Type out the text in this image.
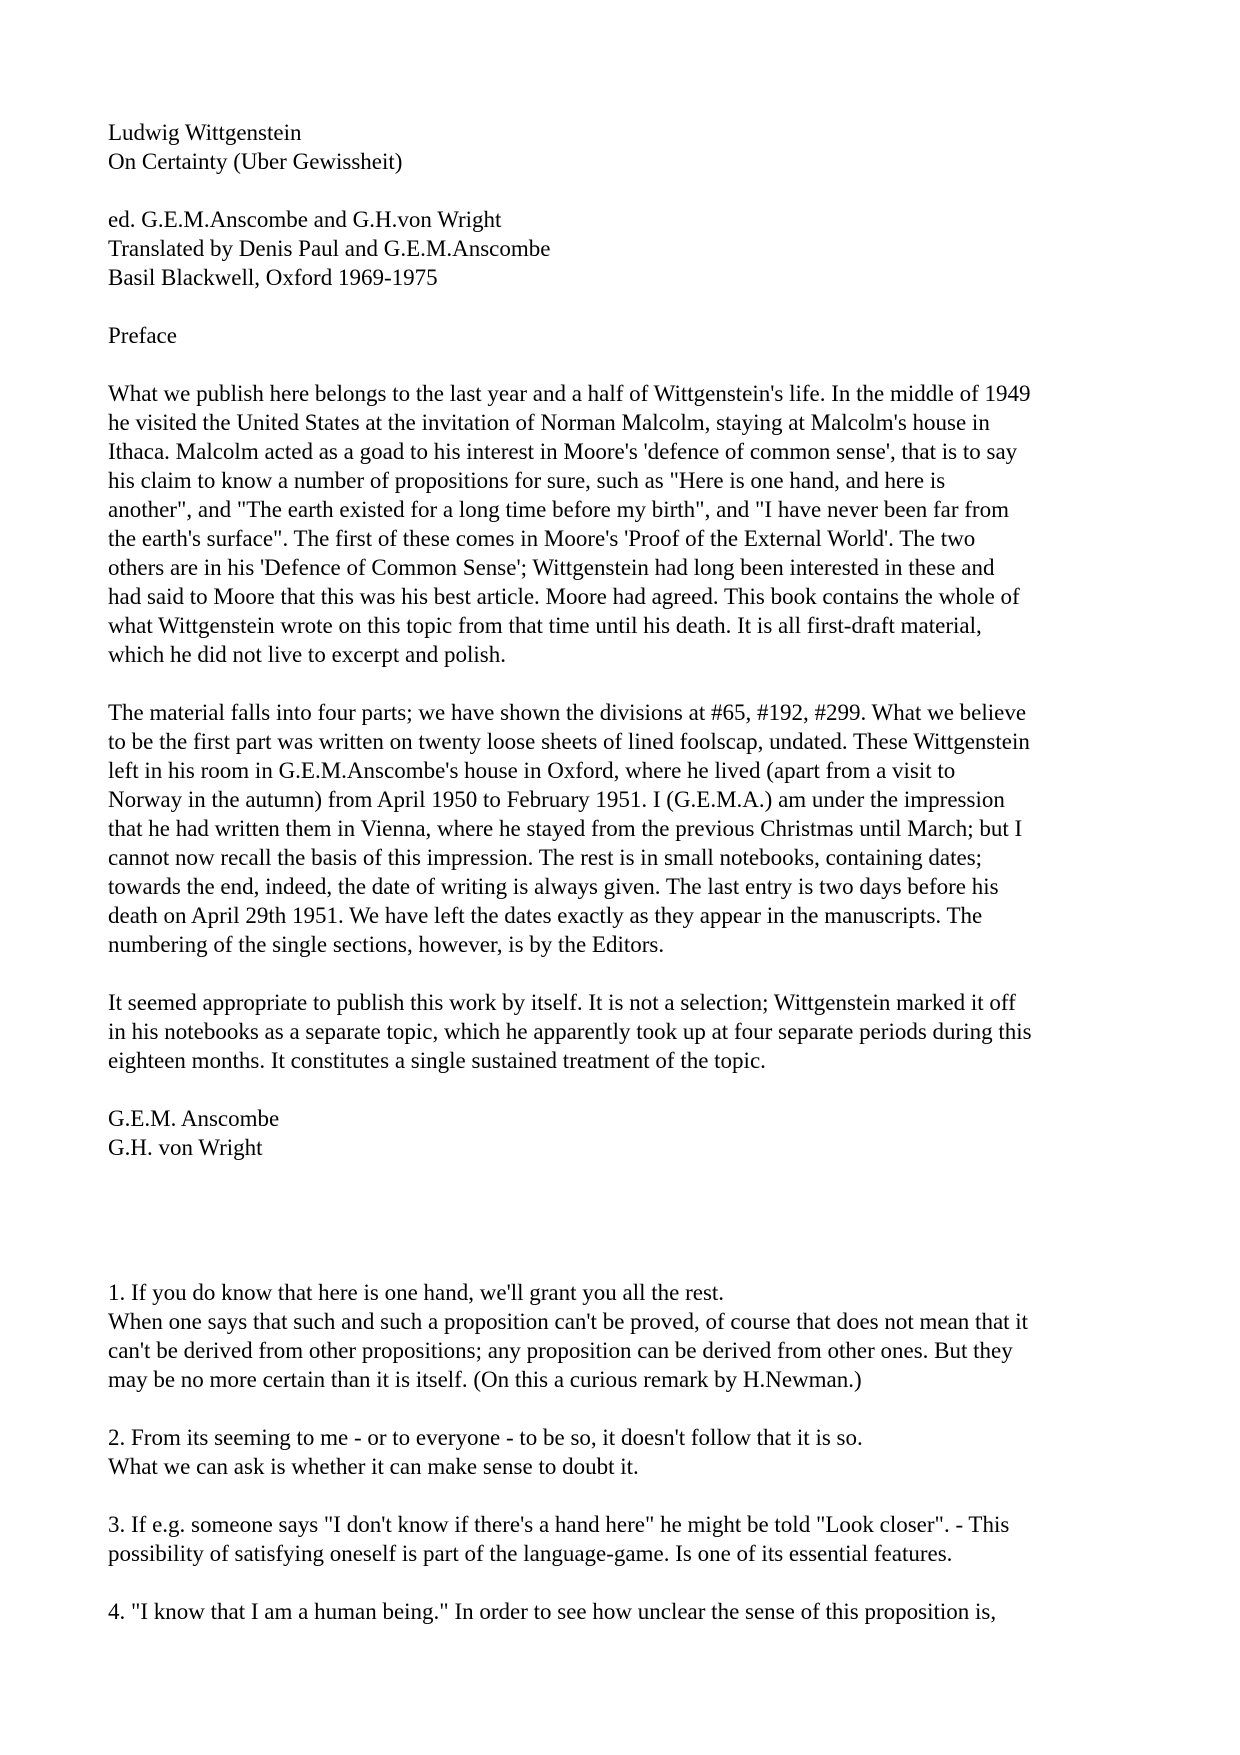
Ludwig Wittgenstein
On Certainty (Uber Gewissheit)
ed. G.E.M.Anscombe and G.H.von Wright
Translated by Denis Paul and G.E.M.Anscombe
Basil Blackwell, Oxford 1969-1975
Preface
What we publish here belongs to the last year and a half of Wittgenstein's life. In the middle of 1949
he visited the United States at the invitation of Norman Malcolm, staying at Malcolm's house in
Ithaca. Malcolm acted as a goad to his interest in Moore's 'defence of common sense', that is to say
his claim to know a number of propositions for sure, such as "Here is one hand, and here is
another", and "The earth existed for a long time before my birth", and "I have never been far from
the earth's surface". The first of these comes in Moore's 'Proof of the External World'. The two
others are in his 'Defence of Common Sense'; Wittgenstein had long been interested in these and
had said to Moore that this was his best article. Moore had agreed. This book contains the whole of
what Wittgenstein wrote on this topic from that time until his death. It is all first-draft material,
which he did not live to excerpt and polish.
The material falls into four parts; we have shown the divisions at #65, #192, #299. What we believe
to be the first part was written on twenty loose sheets of lined foolscap, undated. These Wittgenstein
left in his room in G.E.M.Anscombe's house in Oxford, where he lived (apart from a visit to
Norway in the autumn) from April 1950 to February 1951. I (G.E.M.A.) am under the impression
that he had written them in Vienna, where he stayed from the previous Christmas until March; but I
cannot now recall the basis of this impression. The rest is in small notebooks, containing dates;
towards the end, indeed, the date of writing is always given. The last entry is two days before his
death on April 29th 1951. We have left the dates exactly as they appear in the manuscripts. The
numbering of the single sections, however, is by the Editors.
It seemed appropriate to publish this work by itself. It is not a selection; Wittgenstein marked it off
in his notebooks as a separate topic, which he apparently took up at four separate periods during this
eighteen months. It constitutes a single sustained treatment of the topic.
G.E.M. Anscombe
G.H. von Wright
1. If you do know that here is one hand, we'll grant you all the rest.
When one says that such and such a proposition can't be proved, of course that does not mean that it
can't be derived from other propositions; any proposition can be derived from other ones. But they
may be no more certain than it is itself. (On this a curious remark by H.Newman.)
2. From its seeming to me - or to everyone - to be so, it doesn't follow that it is so.
What we can ask is whether it can make sense to doubt it.
3. If e.g. someone says "I don't know if there's a hand here" he might be told "Look closer". - This
possibility of satisfying oneself is part of the language-game. Is one of its essential features.
4. "I know that I am a human being." In order to see how unclear the sense of this proposition is,
